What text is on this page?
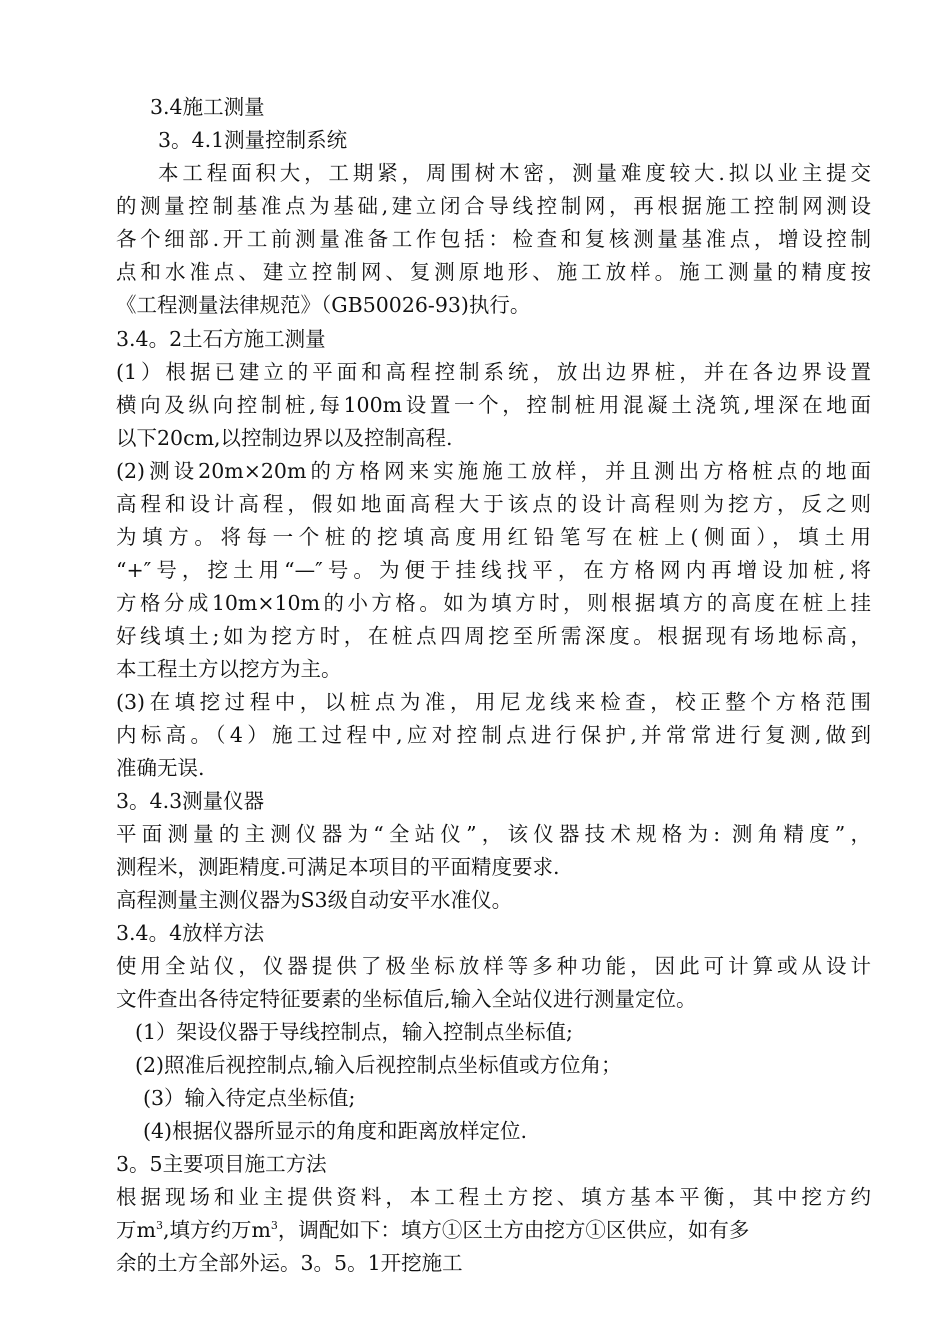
3.4施工测量
3。4.1测量控制系统
本工程面积大，工期紧，周围树木密，测量难度较大.拟以业主提交
的测量控制基准点为基础,建立闭合导线控制网，再根据施工控制网测设
各个细部.开工前测量准备工作包括：检查和复核测量基准点，增设控制
点和水准点、建立控制网、复测原地形、施工放样。施工测量的精度按
《工程测量法律规范》（GB50026-93)执行。
3.4。2土石方施工测量
(1）根据已建立的平面和高程控制系统，放出边界桩，并在各边界设置
横向及纵向控制桩,每100m设置一个，控制桩用混凝土浇筑,埋深在地面
以下20cm,以控制边界以及控制高程.
(2)测设20m×20m的方格网来实施施工放样，并且测出方格桩点的地面
高程和设计高程，假如地面高程大于该点的设计高程则为挖方，反之则
为填方。将每一个桩的挖填高度用红铅笔写在桩上(侧面），填土用
“+″号，挖土用“—″号。为便于挂线找平，在方格网内再增设加桩,将
方格分成10m×10m的小方格。如为填方时，则根据填方的高度在桩上挂
好线填土;如为挖方时，在桩点四周挖至所需深度。根据现有场地标高，
本工程土方以挖方为主。
(3)在填挖过程中，以桩点为准，用尼龙线来检查，校正整个方格范围
内标高。（4）施工过程中,应对控制点进行保护,并常常进行复测,做到
准确无误.
3。4.3测量仪器
平面测量的主测仪器为“全站仪”，该仪器技术规格为: 测角精度”，
测程米，测距精度.可满足本项目的平面精度要求.
高程测量主测仪器为S3级自动安平水准仪。
3.4。4放样方法
使用全站仪，仪器提供了极坐标放样等多种功能，因此可计算或从设计
文件查出各待定特征要素的坐标值后,输入全站仪进行测量定位。
(1）架设仪器于导线控制点，输入控制点坐标值;
(2)照准后视控制点,输入后视控制点坐标值或方位角；
(3）输入待定点坐标值;
(4)根据仪器所显示的角度和距离放样定位.
3。5主要项目施工方法
根据现场和业主提供资料，本工程土方挖、填方基本平衡，其中挖方约
万$m^3$,填方约万$m^3$，调配如下：填方①区土方由挖方①区供应，如有多
余的土方全部外运。3。5。1开挖施工
